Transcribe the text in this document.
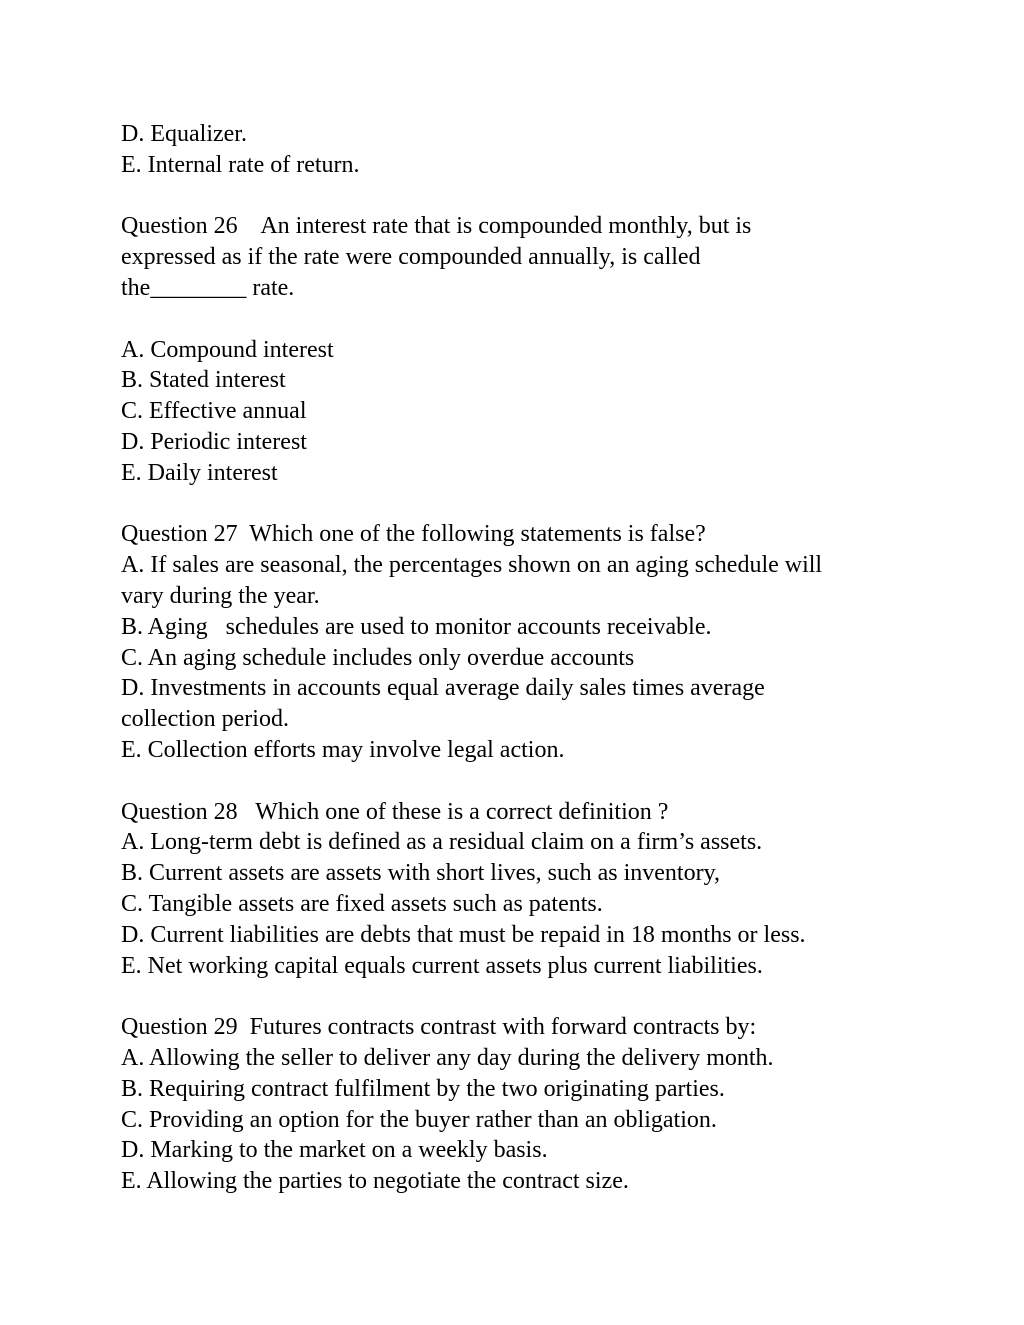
D. Equalizer.
E. Internal rate of return.
Question 26    An interest rate that is compounded monthly, but is
expressed as if the rate were compounded annually, is called
the________ rate.
A. Compound interest
B. Stated interest
C. Effective annual
D. Periodic interest
E. Daily interest
Question 27  Which one of the following statements is false?
A. If sales are seasonal, the percentages shown on an aging schedule will
vary during the year.
B. Aging   schedules are used to monitor accounts receivable.
C. An aging schedule includes only overdue accounts
D. Investments in accounts equal average daily sales times average
collection period.
E. Collection efforts may involve legal action.
Question 28   Which one of these is a correct definition ?
A. Long-term debt is defined as a residual claim on a firm’s assets.
B. Current assets are assets with short lives, such as inventory,
C. Tangible assets are fixed assets such as patents.
D. Current liabilities are debts that must be repaid in 18 months or less.
E. Net working capital equals current assets plus current liabilities.
Question 29  Futures contracts contrast with forward contracts by:
A. Allowing the seller to deliver any day during the delivery month.
B. Requiring contract fulfilment by the two originating parties.
C. Providing an option for the buyer rather than an obligation.
D. Marking to the market on a weekly basis.
E. Allowing the parties to negotiate the contract size.
